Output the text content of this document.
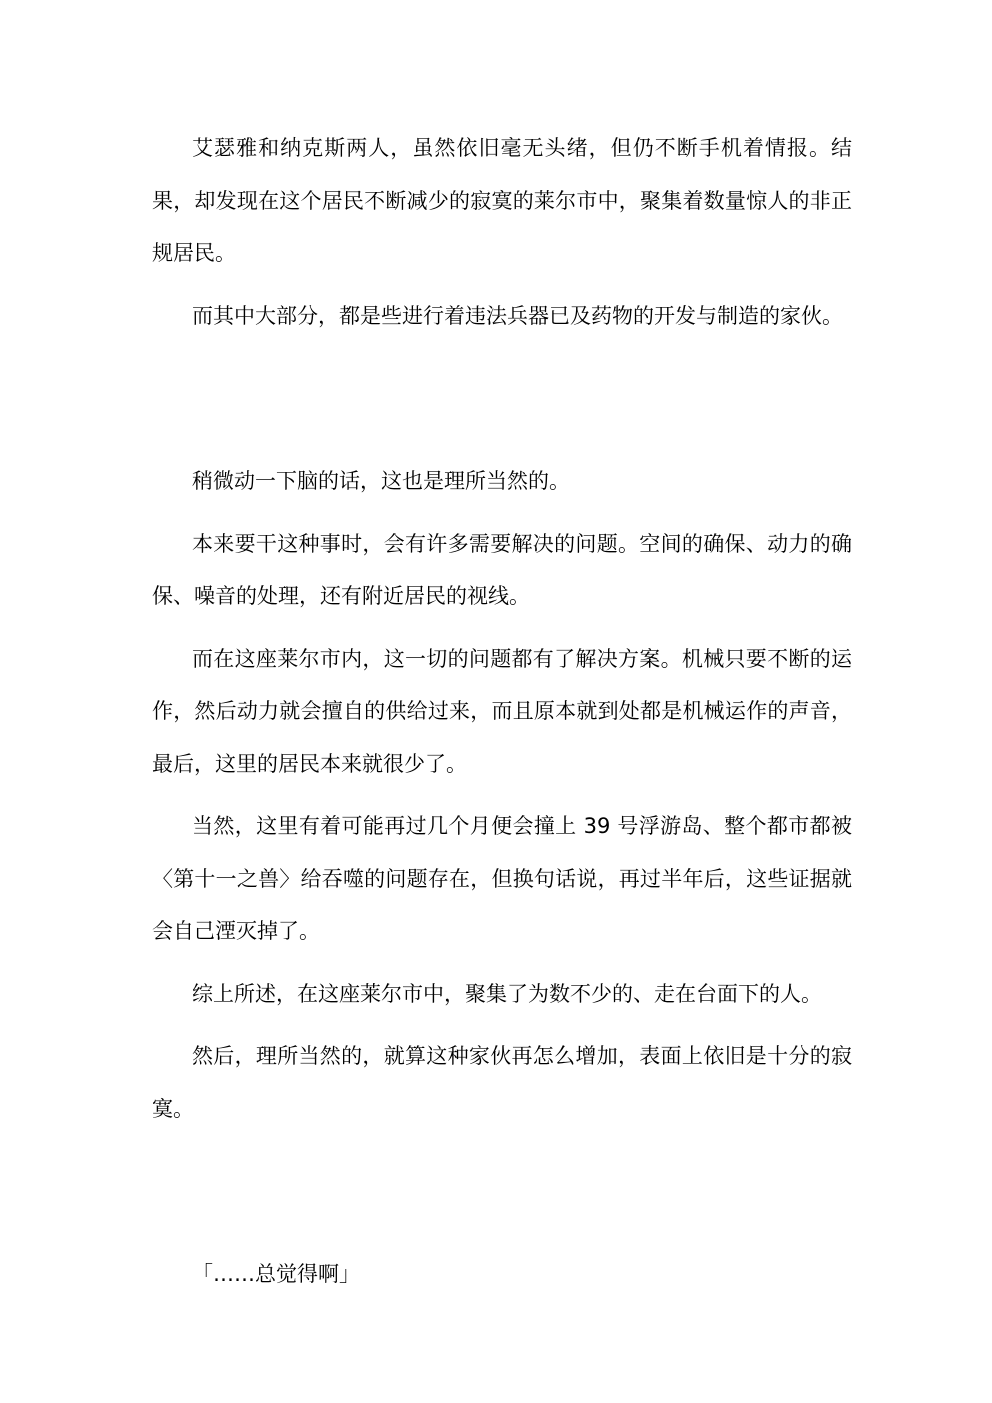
艾瑟雅和纳克斯两人，虽然依旧毫无头绪，但仍不断手机着情报。结果，却发现在这个居民不断减少的寂寞的莱尔市中，聚集着数量惊人的非正规居民。

而其中大部分，都是些进行着违法兵器已及药物的开发与制造的家伙。

稍微动一下脑的话，这也是理所当然的。

本来要干这种事时，会有许多需要解决的问题。空间的确保、动力的确保、噪音的处理，还有附近居民的视线。

而在这座莱尔市内，这一切的问题都有了解决方案。机械只要不断的运作，然后动力就会擅自的供给过来，而且原本就到处都是机械运作的声音，最后，这里的居民本来就很少了。

当然，这里有着可能再过几个月便会撞上 39 号浮游岛、整个都市都被〈第十一之兽〉给吞噬的问题存在，但换句话说，再过半年后，这些证据就会自己湮灭掉了。

综上所述，在这座莱尔市中，聚集了为数不少的、走在台面下的人。

然后，理所当然的，就算这种家伙再怎么增加，表面上依旧是十分的寂寞。

「……总觉得啊」
